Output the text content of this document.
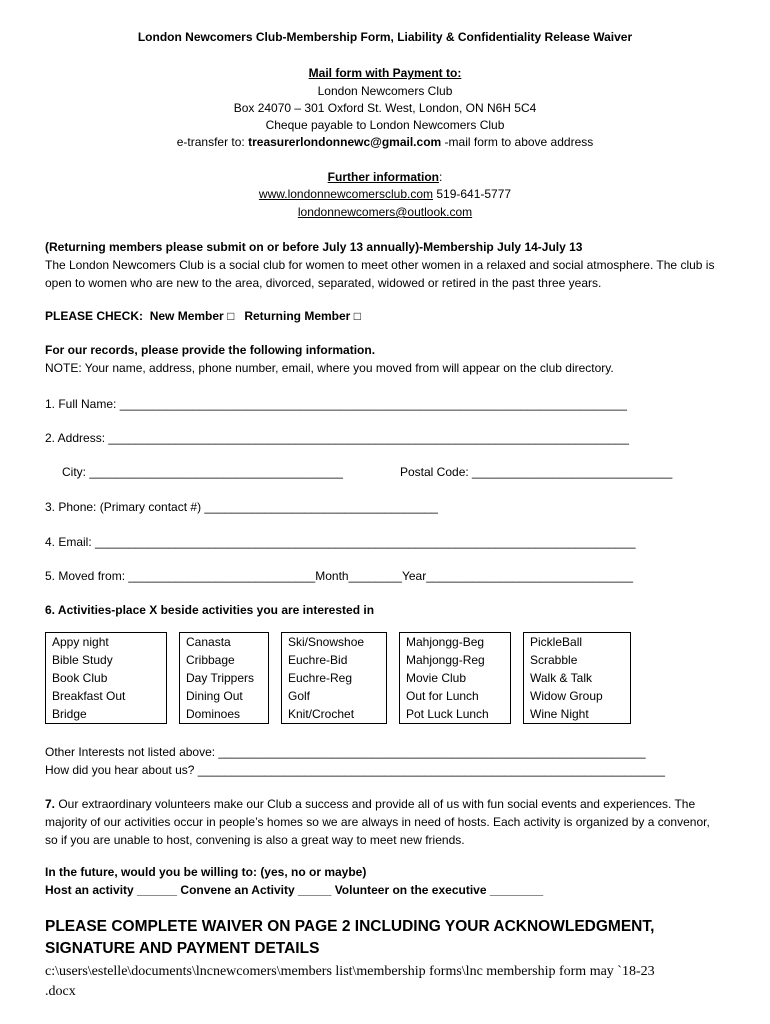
London Newcomers Club-Membership Form, Liability & Confidentiality Release Waiver
Mail form with Payment to:
London Newcomers Club
Box 24070 – 301 Oxford St. West, London, ON N6H 5C4
Cheque payable to London Newcomers Club
e-transfer to: treasurerlondonnewc@gmail.com -mail form to above address
Further information:
www.londonnewcomersclub.com 519-641-5777
londonnewcomers@outlook.com
(Returning members please submit on or before July 13 annually)-Membership July 14-July 13
The London Newcomers Club is a social club for women to meet other women in a relaxed and social atmosphere. The club is open to women who are new to the area, divorced, separated, widowed or retired in the past three years.
PLEASE CHECK: New Member □ Returning Member □
For our records, please provide the following information.
NOTE: Your name, address, phone number, email, where you moved from will appear on the club directory.
1. Full Name: ____________________________________________________________________________
2. Address: ______________________________________________________________________________
City: ______________________________________	Postal Code: ______________________________
3. Phone: (Primary contact #) ___________________________________
4. Email: _________________________________________________________________________________
5. Moved from: ____________________________Month________Year_______________________________
6. Activities-place X beside activities you are interested in
Appy night
Bible Study
Book Club
Breakfast Out
Bridge

Canasta
Cribbage
Day Trippers
Dining Out
Dominoes

Ski/Snowshoe
Euchre-Bid
Euchre-Reg
Golf
Knit/Crochet

Mahjongg-Beg
Mahjongg-Reg
Movie Club
Out for Lunch
Pot Luck Lunch

PickleBall
Scrabble
Walk & Talk
Widow Group
Wine Night
Other Interests not listed above: ________________________________________________________________
How did you hear about us? ______________________________________________________________________
7. Our extraordinary volunteers make our Club a success and provide all of us with fun social events and experiences. The majority of our activities occur in people’s homes so we are always in need of hosts. Each activity is organized by a convenor, so if you are unable to host, convening is also a great way to meet new friends.
In the future, would you be willing to: (yes, no or maybe)
Host an activity ______ Convene an Activity _____ Volunteer on the executive ________
PLEASE COMPLETE WAIVER ON PAGE 2 INCLUDING YOUR ACKNOWLEDGMENT,
SIGNATURE AND PAYMENT DETAILS
c:\users\estelle\documents\lncnewcomers\members list\membership forms\lnc membership form may `18-23
.docx
